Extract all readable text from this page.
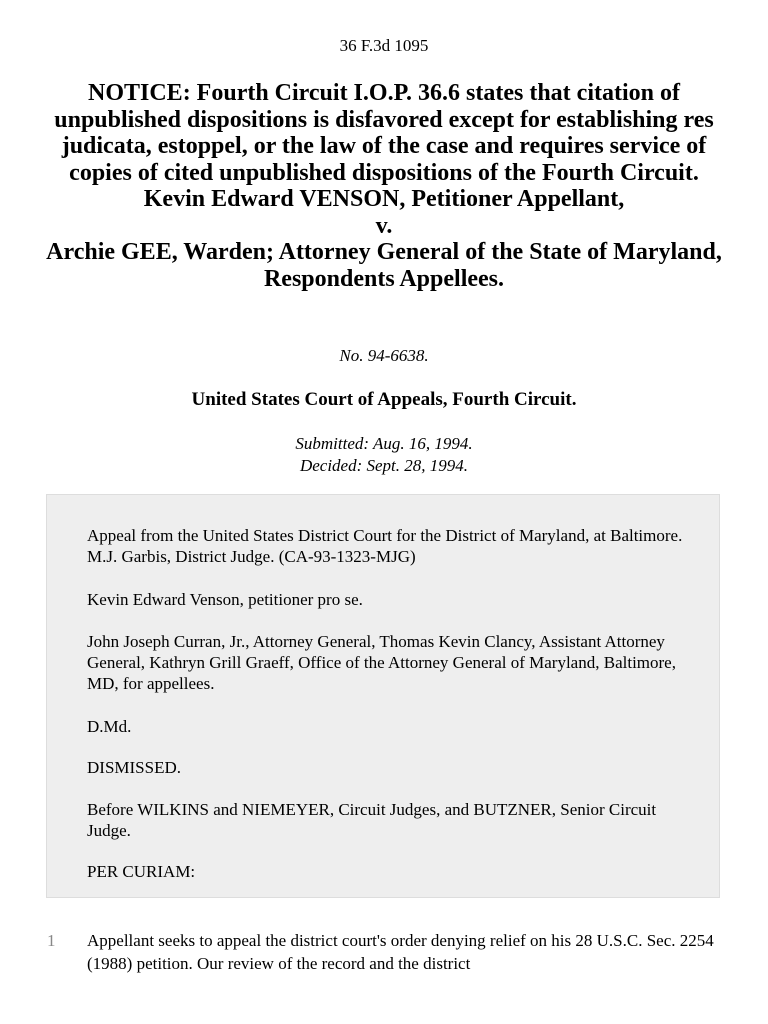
36 F.3d 1095
NOTICE: Fourth Circuit I.O.P. 36.6 states that citation of unpublished dispositions is disfavored except for establishing res judicata, estoppel, or the law of the case and requires service of copies of cited unpublished dispositions of the Fourth Circuit.
Kevin Edward VENSON, Petitioner Appellant,
v.
Archie GEE, Warden; Attorney General of the State of Maryland, Respondents Appellees.
No. 94-6638.
United States Court of Appeals, Fourth Circuit.
Submitted: Aug. 16, 1994.
Decided: Sept. 28, 1994.

Appeal from the United States District Court for the District of Maryland, at Baltimore. M.J. Garbis, District Judge. (CA-93-1323-MJG)

Kevin Edward Venson, petitioner pro se.

John Joseph Curran, Jr., Attorney General, Thomas Kevin Clancy, Assistant Attorney General, Kathryn Grill Graeff, Office of the Attorney General of Maryland, Baltimore, MD, for appellees.

D.Md.

DISMISSED.

Before WILKINS and NIEMEYER, Circuit Judges, and BUTZNER, Senior Circuit Judge.

PER CURIAM:

1 Appellant seeks to appeal the district court's order denying relief on his 28 U.S.C. Sec. 2254 (1988) petition. Our review of the record and the district
